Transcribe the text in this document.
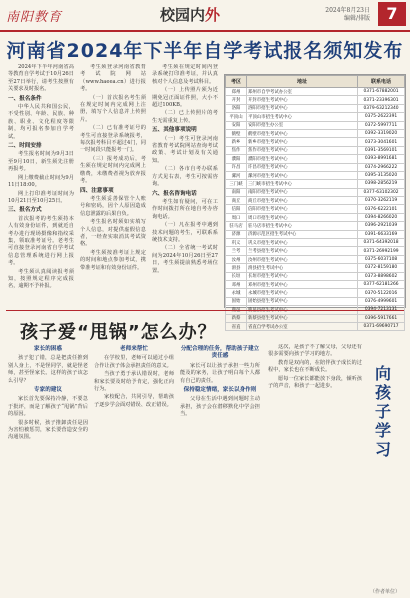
南阳教育	校园内外	2024年8月23日
编辑/排版	7
河南省2024年下半年自学考试报名须知发布

2024年下半年河南省高等教育自学考试于10月26日至27日举行，请考生按照有关要求及时报名。

一、报名条件

中华人民共和国公民，不受性别、年龄、民族、种族、职业、文化程度等限制，均可报名参加自学考试。

二、时间安排

考生报名时间为9月3日至9月10日，新生须先注册再报考。

网上缴费截止时间为9月11日18:00。

网上打印准考证时间为10月21日至10月25日。

三、报名方式

首次报考的考生须持本人有效身份证件，到就近自考办进行现场摄像和指纹采集，领取准考证号。老考生可直接登录河南省自学考试信息管理系统进行网上报考。

考生须认真阅读报考须知，按照规定程序完成报名，逾期不予补报。

考生须登录河南省教育考试院网站（www.haeea.cn）进行报考。

（一）首次报名考生须在规定时间内完成网上注册，填写个人信息并上传照片。

（二）已有准考证号的考生可直接登录系统报考，每次报考科目不超过4门，同一时间段只能报考一门。

（三）报考成功后，考生须在规定时间内完成网上缴费，未缴费者视为放弃报考。

四、注意事项

考生须妥善保管个人账号和密码，因个人原因造成信息泄露的后果自负。

考生报名时须如实填写个人信息，对提供虚假信息者，一经查实取消其考试资格。

考生须按准考证上规定的时间和地点参加考试，携带准考证和有效身份证件。

考生须在规定时间内登录系统打印准考证，并认真核对个人信息及考试科目。

（一）上传照片须为近期免冠正面证件照，大小不超过100KB。

（二）已上传照片的考生无需重复上传。

五、其他事项说明

（一）考生可登录河南省教育考试院网站查询考试政策、考试计划及有关通知。

（二）各市自考办联系方式见右表，考生可按需咨询。

六、报名咨询电话

考生如有疑问，可在工作时间拨打所在地自考办咨询电话。

（一）凡在报考中遇到技术问题的考生，可联系系统技术支持。

（二）全省统一考试时间为2024年10月26日至27日，考生须提前熟悉考场位置。

考区	地址	联系电话
郑州	郑州市自学考试办公室	0371-67882001
开封	开封市招生考试中心	0371-23396301
洛阳	洛阳市招生考试中心	0379-63212340
平顶山	平顶山市招生考试中心	0375-2622391
安阳	安阳市招生办公室	0372-5997711
鹤壁	鹤壁市招生考试中心	0392-3319020
新乡	新乡市招生考试中心	0373-3041601
焦作	焦作市招生考试中心	0391-3569101
濮阳	濮阳市招生考试中心	0393-8991681
许昌	许昌市招生考试中心	0374-2966222
漯河	漯河市招生考试中心	0395-3135020
三门峡	三门峡市招生考试中心	0398-2856219
南阳	南阳市招生考试中心	0377-63102302
商丘	商丘市招生考试中心	0370-3262119
信阳	信阳市招生考试中心	0376-6222101
周口	周口市招生考试中心	0394-8266020
驻马店	驻马店市招生考试中心	0396-2921039
济源	济源示范区招生考试中心	0391-6633169
巩义	巩义市招生考试中心	0371-64392018
兰考	兰考县招生考试中心	0371-26992199
汝州	汝州市招生考试中心	0375-6037108
滑县	滑县招生考试中心	0372-8159180
长垣	长垣市招生考试中心	0373-8898602
邓州	邓州市招生考试中心	0377-62181266
永城	永城市招生考试中心	0370-5122016
固始	固始县招生考试中心	0376-4999601

新蔡	新蔡县招生考试中心	0396-5917661
省直	省直自学考试办公室	0371-69690717
孩子爱“甩锅”怎么办？

家长的困惑

孩子犯了错，总是把责任推到别人身上，不是怪同学，就是怪老师，甚至怪家长。这样的孩子该怎么引导？

专家的建议

家长首先要保持冷静，不要急于批评，而是了解孩子“甩锅”背后的原因。

很多时候，孩子推卸责任是因为害怕被惩罚，家长要营造安全的沟通氛围。

老师来帮忙

在学校里，老师可以通过小组合作让孩子体会承担责任的意义。

当孩子勇于承认错误时，老师和家长要及时给予肯定，强化正向行为。

家校配合，共同引导，帮助孩子逐步学会面对错误、改正错误。

分配合理的任务，帮助孩子建立责任感

家长可以让孩子承担一些力所能及的家务，让孩子明白每个人都有自己的责任。

保持稳定情绪，家长以身作则

父母在生活中遇到问题时主动承担，孩子会在潜移默化中学会担当。

这次，是孩子不了解父母，父母还有很多需要向孩子学习的地方。

教育是双向的，在陪伴孩子成长的过程中，家长也在不断成长。

愿每一位家长都能放下身段，倾听孩子的声音，和孩子一起进步。

向孩子学习
（作者单位）
